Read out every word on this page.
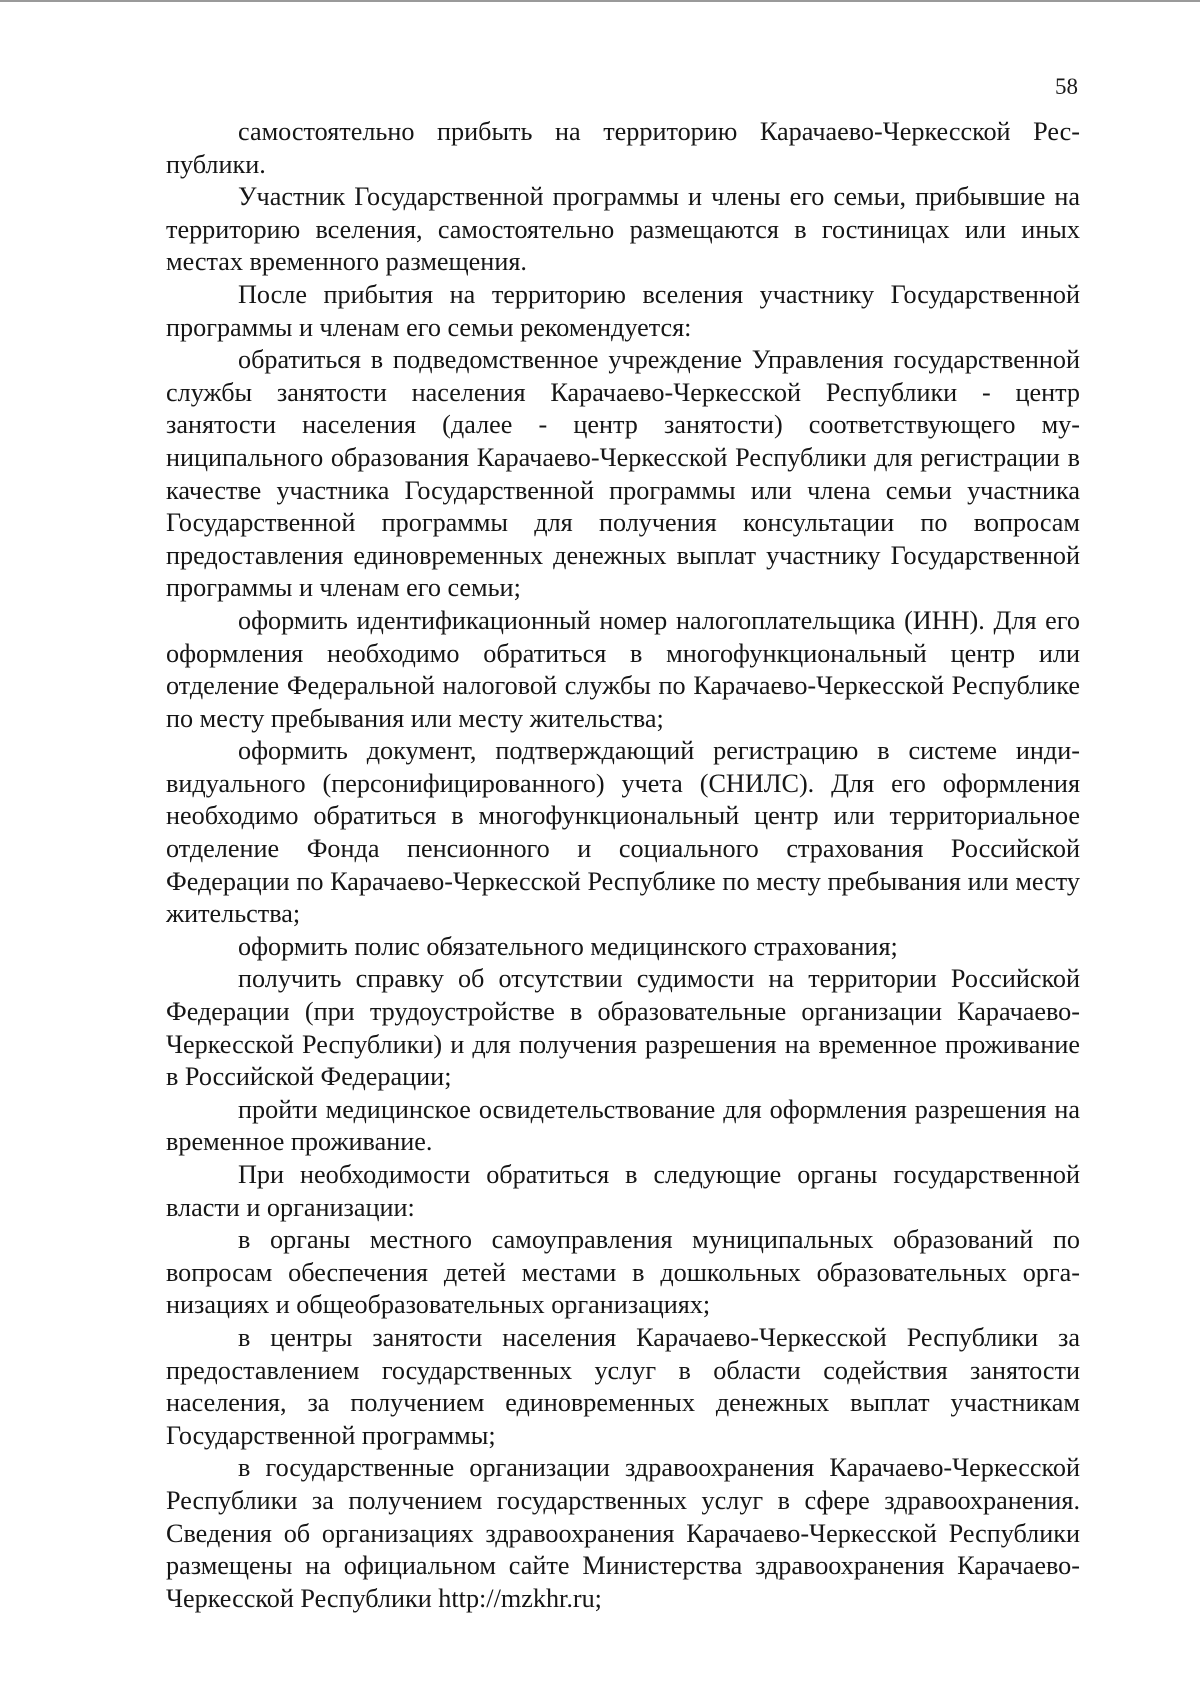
58

самостоятельно прибыть на территорию Карачаево-Черкесской Республики.

Участник Государственной программы и члены его семьи, прибывшие на территорию вселения, самостоятельно размещаются в гостиницах или иных местах временного размещения.

После прибытия на территорию вселения участнику Государственной программы и членам его семьи рекомендуется:

обратиться в подведомственное учреждение Управления государственной службы занятости населения Карачаево-Черкесской Республики - центр занятости населения (далее - центр занятости) соответствующего муниципального образования Карачаево-Черкесской Республики для регистрации в качестве участника Государственной программы или члена семьи участника Государственной программы для получения консультации по вопросам предоставления единовременных денежных выплат участнику Государственной программы и членам его семьи;

оформить идентификационный номер налогоплательщика (ИНН). Для его оформления необходимо обратиться в многофункциональный центр или отделение Федеральной налоговой службы по Карачаево-Черкесской Республике по месту пребывания или месту жительства;

оформить документ, подтверждающий регистрацию в системе индивидуального (персонифицированного) учета (СНИЛС). Для его оформления необходимо обратиться в многофункциональный центр или территориальное отделение Фонда пенсионного и социального страхования Российской Федерации по Карачаево-Черкесской Республике по месту пребывания или месту жительства;

оформить полис обязательного медицинского страхования;

получить справку об отсутствии судимости на территории Российской Федерации (при трудоустройстве в образовательные организации Карачаево-Черкесской Республики) и для получения разрешения на временное проживание в Российской Федерации;

пройти медицинское освидетельствование для оформления разрешения на временное проживание.

При необходимости обратиться в следующие органы государственной власти и организации:

в органы местного самоуправления муниципальных образований по вопросам обеспечения детей местами в дошкольных образовательных организациях и общеобразовательных организациях;

в центры занятости населения Карачаево-Черкесской Республики за предоставлением государственных услуг в области содействия занятости населения, за получением единовременных денежных выплат участникам Государственной программы;

в государственные организации здравоохранения Карачаево-Черкесской Республики за получением государственных услуг в сфере здравоохранения. Сведения об организациях здравоохранения Карачаево-Черкесской Республики размещены на официальном сайте Министерства здравоохранения Карачаево-Черкесской Республики http://mzkhr.ru;
